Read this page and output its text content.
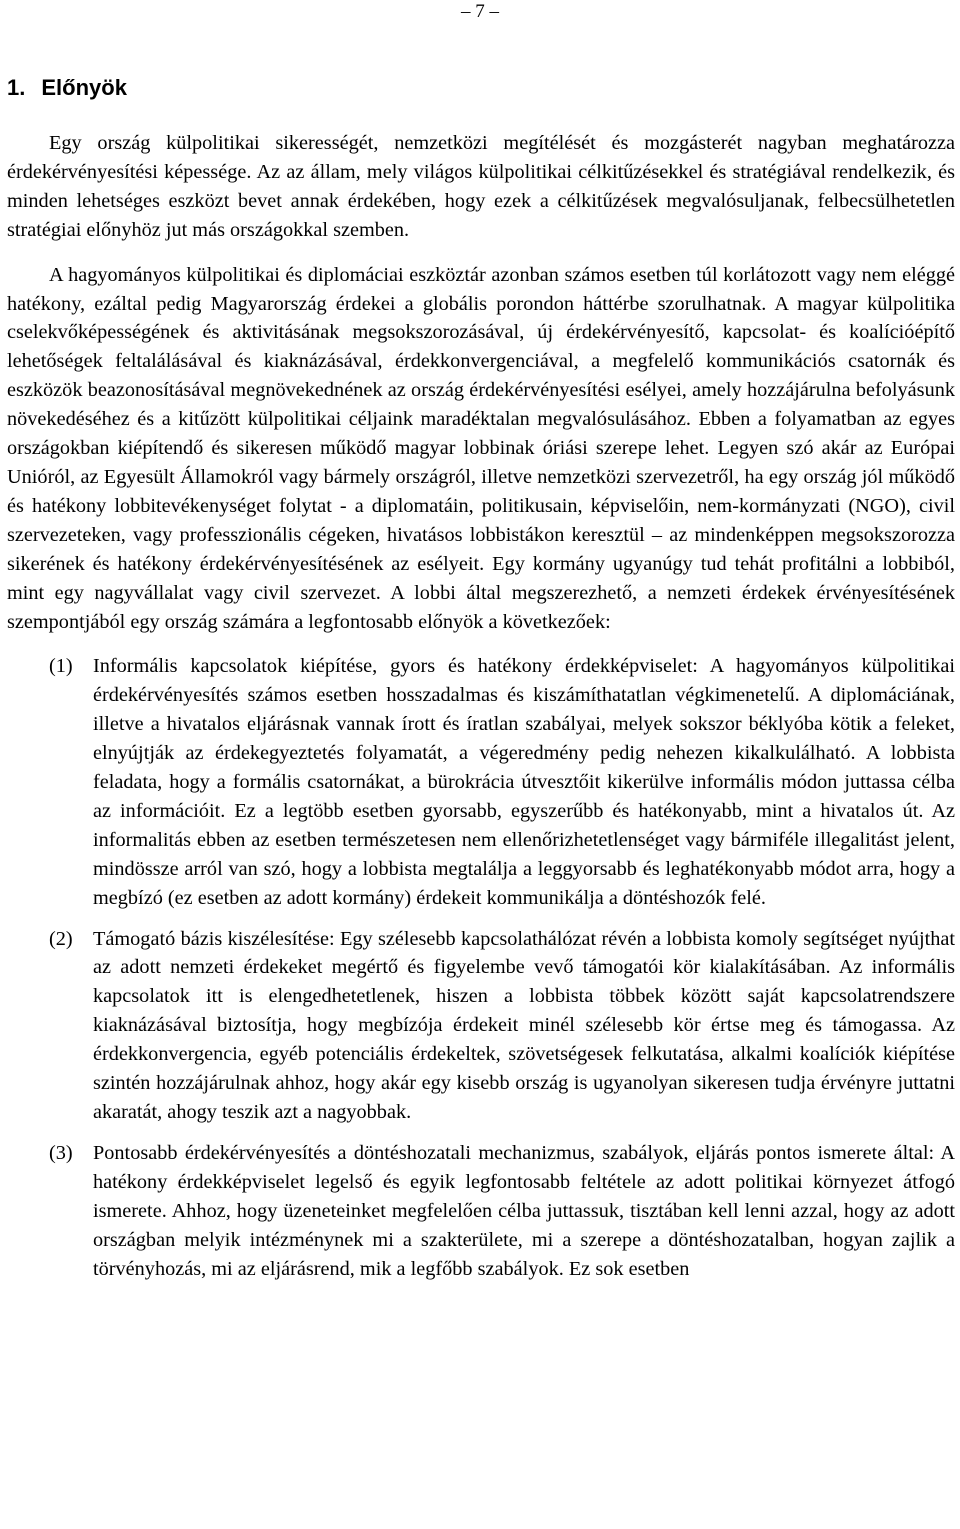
– 7 –
1. Előnyök

Egy ország külpolitikai sikerességét, nemzetközi megítélését és mozgásterét nagyban meghatározza érdekérvényesítési képessége. Az az állam, mely világos külpolitikai célkitűzésekkel és stratégiával rendelkezik, és minden lehetséges eszközt bevet annak érdekében, hogy ezek a célkitűzések megvalósuljanak, felbecsülhetetlen stratégiai előnyhöz jut más országokkal szemben.

A hagyományos külpolitikai és diplomáciai eszköztár azonban számos esetben túl korlátozott vagy nem eléggé hatékony, ezáltal pedig Magyarország érdekei a globális porondon háttérbe szorulhatnak. A magyar külpolitika cselekvőképességének és aktivitásának megsokszorozásával, új érdekérvényesítő, kapcsolat- és koalícióépítő lehetőségek feltalálásával és kiaknázásával, érdekkonvergenciával, a megfelelő kommunikációs csatornák és eszközök beazonosításával megnövekednének az ország érdekérvényesítési esélyei, amely hozzájárulna befolyásunk növekedéséhez és a kitűzött külpolitikai céljaink maradéktalan megvalósulásához. Ebben a folyamatban az egyes országokban kiépítendő és sikeresen működő magyar lobbinak óriási szerepe lehet. Legyen szó akár az Európai Unióról, az Egyesült Államokról vagy bármely országról, illetve nemzetközi szervezetről, ha egy ország jól működő és hatékony lobbitevékenységet folytat - a diplomatáin, politikusain, képviselőin, nem-kormányzati (NGO), civil szervezeteken, vagy professzionális cégeken, hivatásos lobbistákon keresztül – az mindenképpen megsokszorozza sikerének és hatékony érdekérvényesítésének az esélyeit. Egy kormány ugyanúgy tud tehát profitálni a lobbiból, mint egy nagyvállalat vagy civil szervezet. A lobbi által megszerezhető, a nemzeti érdekek érvényesítésének szempontjából egy ország számára a legfontosabb előnyök a következőek:

(1)	Informális kapcsolatok kiépítése, gyors és hatékony érdekképviselet: A hagyományos külpolitikai érdekérvényesítés számos esetben hosszadalmas és kiszámíthatatlan végkimenetelű. A diplomáciának, illetve a hivatalos eljárásnak vannak írott és íratlan szabályai, melyek sokszor béklyóba kötik a feleket, elnyújtják az érdekegyeztetés folyamatát, a végeredmény pedig nehezen kikalkulálható. A lobbista feladata, hogy a formális csatornákat, a bürokrácia útvesztőit kikerülve informális módon juttassa célba az információit. Ez a legtöbb esetben gyorsabb, egyszerűbb és hatékonyabb, mint a hivatalos út. Az informalitás ebben az esetben természetesen nem ellenőrizhetetlenséget vagy bármiféle illegalitást jelent, mindössze arról van szó, hogy a lobbista megtalálja a leggyorsabb és leghatékonyabb módot arra, hogy a megbízó (ez esetben az adott kormány) érdekeit kommunikálja a döntéshozók felé.
(2)	Támogató bázis kiszélesítése: Egy szélesebb kapcsolathálózat révén a lobbista komoly segítséget nyújthat az adott nemzeti érdekeket megértő és figyelembe vevő támogatói kör kialakításában. Az informális kapcsolatok itt is elengedhetetlenek, hiszen a lobbista többek között saját kapcsolatrendszere kiaknázásával biztosítja, hogy megbízója érdekeit minél szélesebb kör értse meg és támogassa. Az érdekkonvergencia, egyéb potenciális érdekeltek, szövetségesek felkutatása, alkalmi koalíciók kiépítése szintén hozzájárulnak ahhoz, hogy akár egy kisebb ország is ugyanolyan sikeresen tudja érvényre juttatni akaratát, ahogy teszik azt a nagyobbak.
(3)	Pontosabb érdekérvényesítés a döntéshozatali mechanizmus, szabályok, eljárás pontos ismerete által: A hatékony érdekképviselet legelső és egyik legfontosabb feltétele az adott politikai környezet átfogó ismerete. Ahhoz, hogy üzeneteinket megfelelően célba juttassuk, tisztában kell lenni azzal, hogy az adott országban melyik intézménynek mi a szakterülete, mi a szerepe a döntéshozatalban, hogyan zajlik a törvényhozás, mi az eljárásrend, mik a legfőbb szabályok. Ez sok esetben
